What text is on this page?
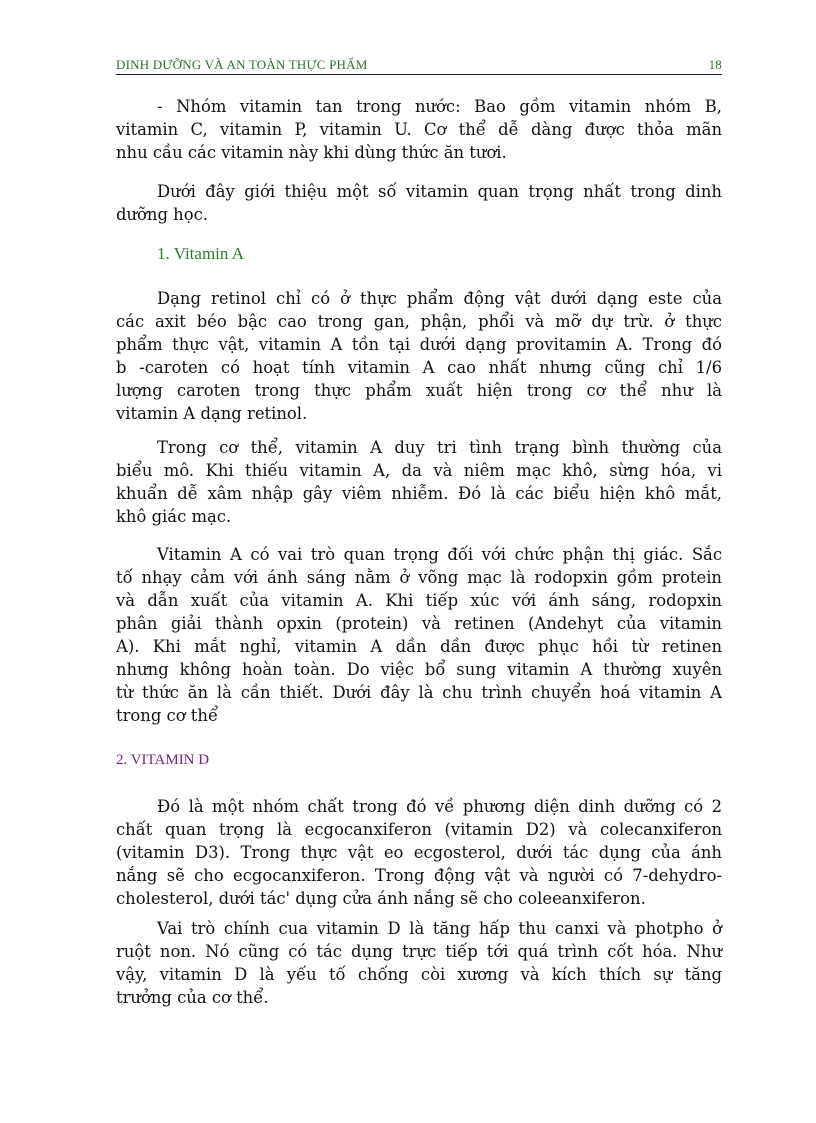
DINH DƯỠNG VÀ AN TOÀN THỰC PHẨM	18
- Nhóm vitamin tan trong nước: Bao gồm vitamin nhóm B,
vitamin C, vitamin P, vitamin U. Cơ thể dễ dàng được thỏa mãn
nhu cầu các vitamin này khi dùng thức ăn tươi.
Dưới đây giới thiệu một số vitamin quan trọng nhất trong dinh
dưỡng học.
1. Vitamin A
Dạng retinol chỉ có ở thực phẩm động vật dưới dạng este của
các axit béo bậc cao trong gan, phận, phổi và mỡ dự trừ. ở thực
phẩm thực vật, vitamin A tồn tại dưới dạng provitamin A. Trong đó
b -caroten có hoạt tính vitamin A cao nhất nhưng cũng chỉ 1/6
lượng caroten trong thực phẩm xuất hiện trong cơ thể như là
vitamin A dạng retinol.
Trong cơ thể, vitamin A duy tri tình trạng bình thường của
biểu mô. Khi thiếu vitamin A, da và niêm mạc khô, sừng hóa, vi
khuẩn dễ xâm nhập gây viêm nhiễm. Đó là các biểu hiện khô mắt,
khô giác mạc.
Vitamin A có vai trò quan trọng đối với chức phận thị giác. Sắc
tố nhạy cảm với ánh sáng nằm ở võng mạc là rodopxin gồm protein
và dẫn xuất của vitamin A. Khi tiếp xúc với ánh sáng, rodopxin
phân giải thành opxin (protein) và retinen (Andehyt của vitamin
A). Khi mắt nghỉ, vitamin A dần dần được phục hồi từ retinen
nhưng không hoàn toàn. Do việc bổ sung vitamin A thường xuyên
từ thức ăn là cần thiết. Dưới đây là chu trình chuyển hoá vitamin A
trong cơ thể
2. VITAMIN D
Đó là một nhóm chất trong đó về phương diện dinh dưỡng có 2
chất quan trọng là ecgocanxiferon (vitamin D2) và colecanxiferon
(vitamin D3). Trong thực vật eo ecgosterol, dưới tác dụng của ánh
nắng sẽ cho ecgocanxiferon. Trong động vật và người có 7-dehydro-
cholesterol, dưới tác' dụng cửa ánh nắng sẽ cho coleeanxiferon.
Vai trò chính cua vitamin D là tăng hấp thu canxi và photpho ở
ruột non. Nó cũng có tác dụng trực tiếp tới quá trình cốt hóa. Như
vậy, vitamin D là yếu tố chống còi xương và kích thích sự tăng
trưởng của cơ thể.
